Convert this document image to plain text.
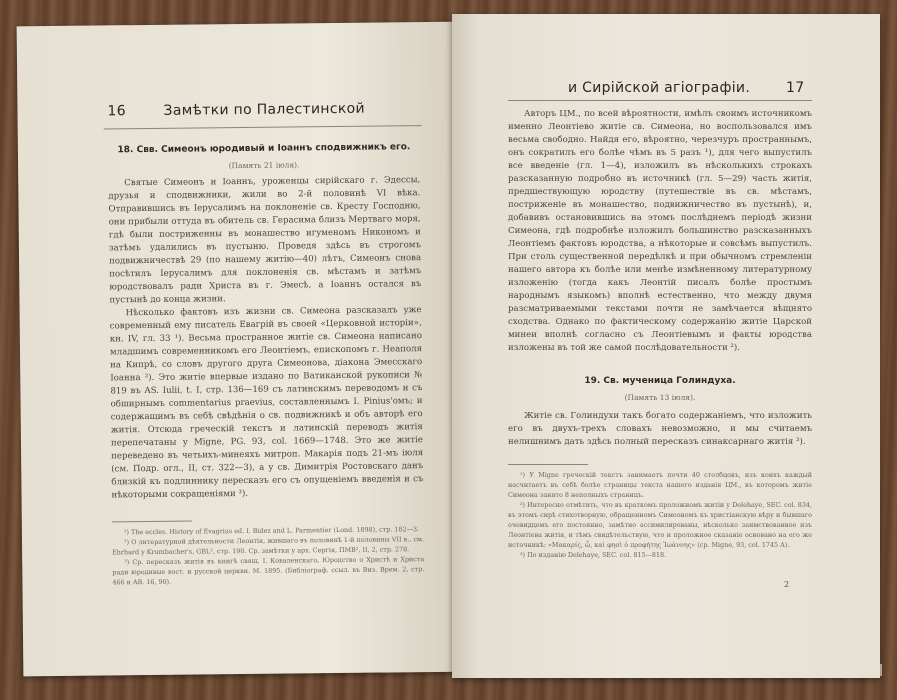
16	Замѣтки по Палестинской
18. Свв. Симеонъ юродивый и Іоаннъ сподвижникъ его.
(Память 21 іюля).

Святые Симеонъ и Іоаннъ, уроженцы сирійскаго г. Эдессы, друзья и сподвижники, жили во 2-й половинѣ VI вѣка. Отправившись въ Іерусалимъ на поклоненіе св. Кресту Господню, они прибыли оттуда въ обитель св. Герасима близъ Мертваго моря, гдѣ были постриженны въ монашество игуменомъ Никономъ и затѣмъ удалились въ пустыню. Проведя здѣсь въ строгомъ подвижничествѣ 29 (по нашему житію—40) лѣтъ, Симеонъ снова посѣтилъ Іерусалимъ для поклоненія св. мѣстамъ и затѣмъ юродствовалъ ради Христа въ г. Эмесѣ, а Іоаннъ остался въ пустынѣ до конца жизни.

Нѣсколько фактовъ изъ жизни св. Симеона разсказалъ уже современный ему писатель Евагрій въ своей «Церковной исторіи», кн. IV, гл. 33 ¹). Весьма пространное житіе св. Симеона написано младшимъ современникомъ его Леонтіемъ, епископомъ г. Неаполя на Кипрѣ, со словъ другого друга Симеонова, діакона Эмесскаго Іоанна ²). Это житіе впервые издано по Ватиканской рукописи № 819 въ AS. Iulii, t. I, стр. 136—169 съ латинскимъ переводомъ и съ обширнымъ commentarius praevius, составленнымъ I. Pinius'омъ; и содержащимъ въ себѣ свѣдѣнія о св. подвижникѣ и объ авторѣ его житія. Отсюда греческій текстъ и латинскій переводъ житія перепечатаны у Migne, PG. 93, col. 1669—1748. Это же житіе переведено въ четьихъ-минеяхъ митроп. Макарія подъ 21-мъ іюля (см. Подр. огл., II, ст. 322—3), а у св. Димитрія Ростовскаго данъ близкій къ подлиннику пересказъ его съ опущеніемъ введенія и съ нѣкоторыми сокращеніями ³).

¹) The eccles. History of Evagrius ed. I. Bidez and L. Parmentier (Lond. 1898), стр. 182—3.

²) О литературной дѣятельности Леонтія, жившаго въ половинѣ 1-й половины VII в., см. Ehrhard y Krumbacher's, GBL², стр. 190. Ср. замѣтки у арх. Сергія, ПМВ², II, 2, стр. 278.

³) Ср. пересказъ житія въ книгѣ свящ. I. Коваленскаго, Юродство о Христѣ и Христа ради юродивые вост. и русской церкви. М. 1895. (Библіограф. ссыл. въ Виз. Врем. 2, стр. 466 и AB. 16, 90).

и Сирійской агіографіи.	17

Авторъ ЦМ., по всей вѣроятности, имѣлъ своимъ источникомъ именно Леонтіево житіе св. Симеона, но воспользовался имъ весьма свободно. Найдя его, вѣроятно, черезчуръ пространнымъ, онъ сократилъ его болѣе чѣмъ въ 5 разъ ¹), для чего выпустилъ все введеніе (гл. 1—4), изложилъ въ нѣсколькихъ строкахъ разсказанную подробно въ источникѣ (гл. 5—29) часть житія, предшествующую юродству (путешествіе въ св. мѣстамъ, постриженіе въ монашество, подвижничество въ пустынѣ), и, добавивъ остановившись на этомъ послѣднемъ періодѣ жизни Симеона, гдѣ подробнѣе изложилъ большинство разсказанныхъ Леонтіемъ фактовъ юродства, а нѣкоторые и совсѣмъ выпустилъ. При столь существенной передѣлкѣ и при обычномъ стремленіи нашего автора къ болѣе или менѣе измѣненному литературному изложенію (тогда какъ Леонтій писалъ болѣе простымъ народнымъ языкомъ) вполнѣ естественно, что между двумя разсматриваемыми текстами почти не замѣчается вѣщнято сходства. Однако по фактическому содержанію житіе Царской минеи вполнѣ согласно съ Леонтіевымъ и факты юродства изложены въ той же самой послѣдовательности ²).

19. Св. мученица Голиндуха.
(Память 13 іюля).

Житіе св. Голиндухи такъ богато содержаніемъ, что изложить его въ двухъ-трехъ словахъ невозможно, и мы считаемъ нелишнимъ дать здѣсь полный пересказъ синаксарнаго житія ³).

¹) У Migne греческій текстъ занимаетъ почти 40 столбцовъ, изъ коихъ каждый насчитаетъ въ себѣ болѣе страницы текста нашего изданія ЦМ., въ которомъ житіе Симеона занято 8 неполныхъ страницъ.

²) Интересно отмѣтить, что въ краткомъ проложномъ житіи у Delehaye, SEC. col. 834, въ этомъ сирѣ стихотворную, обращенномъ Симеономъ къ христіанскую вѣру и бывшаго очевидцемъ его постоянно, замѣтно ассимилированы, нѣсколько заимствованное изъ Леонтіева житія, и тѣмъ свидѣтельствую, что и проложное сказаніе основано на его же источникѣ: «Μακαρίς, ὦ, καὶ φησὶ ὁ προφήτης Ἰωάννης» (ср. Migne, 93, col. 1745 A).

³) По изданію Delehaye, SEC. col. 815—818.

2
